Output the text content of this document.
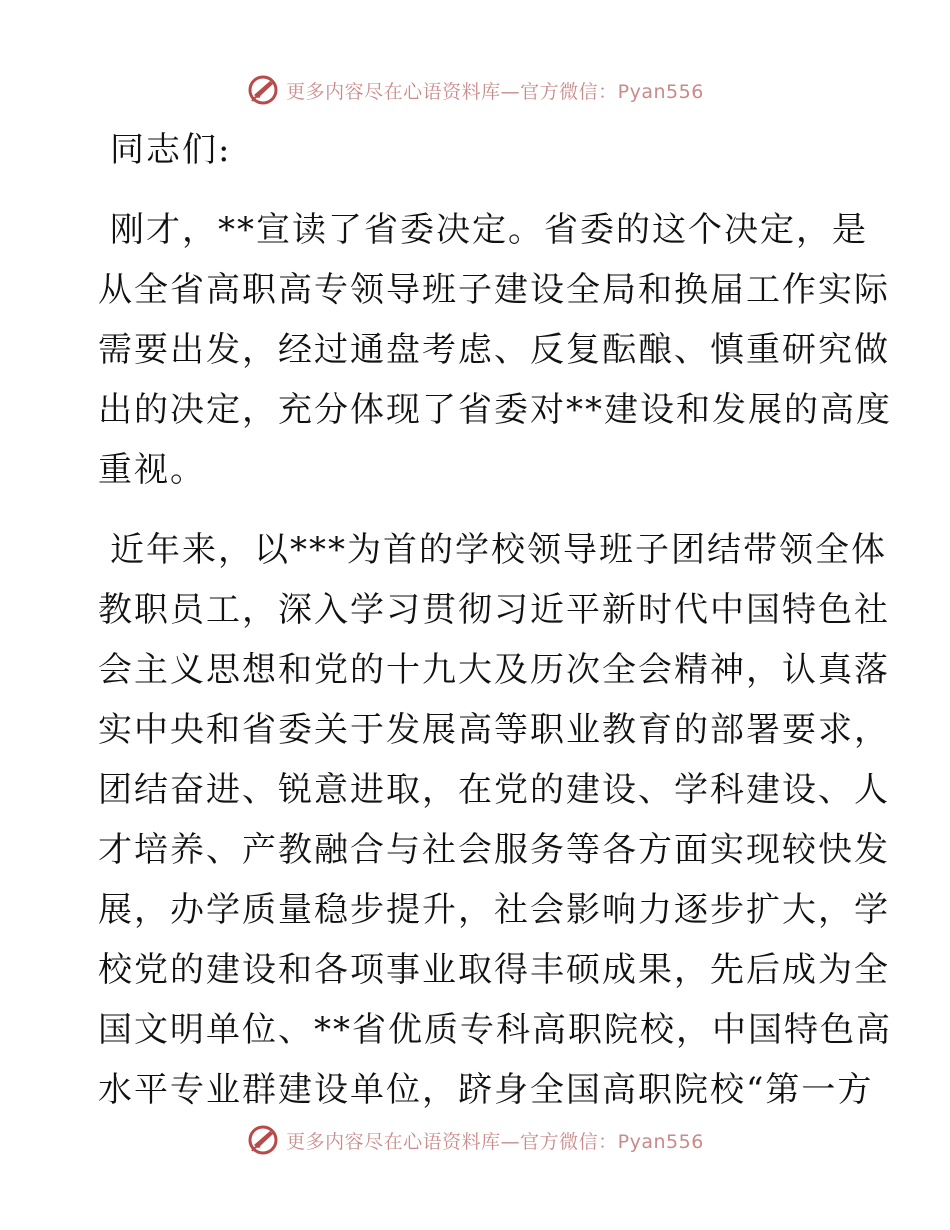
更多内容尽在心语资料库—官方微信：Pyan556
同志们:
刚才，**宣读了省委决定。省委的这个决定，是
从全省高职高专领导班子建设全局和换届工作实际
需要出发，经过通盘考虑、反复酝酿、慎重研究做
出的决定，充分体现了省委对**建设和发展的高度
重视。
近年来，以***为首的学校领导班子团结带领全体
教职员工，深入学习贯彻习近平新时代中国特色社
会主义思想和党的十九大及历次全会精神，认真落
实中央和省委关于发展高等职业教育的部署要求，
团结奋进、锐意进取，在党的建设、学科建设、人
才培养、产教融合与社会服务等各方面实现较快发
展，办学质量稳步提升，社会影响力逐步扩大，学
校党的建设和各项事业取得丰硕成果，先后成为全
国文明单位、**省优质专科高职院校，中国特色高
水平专业群建设单位，跻身全国高职院校“第一方
更多内容尽在心语资料库—官方微信：Pyan556
